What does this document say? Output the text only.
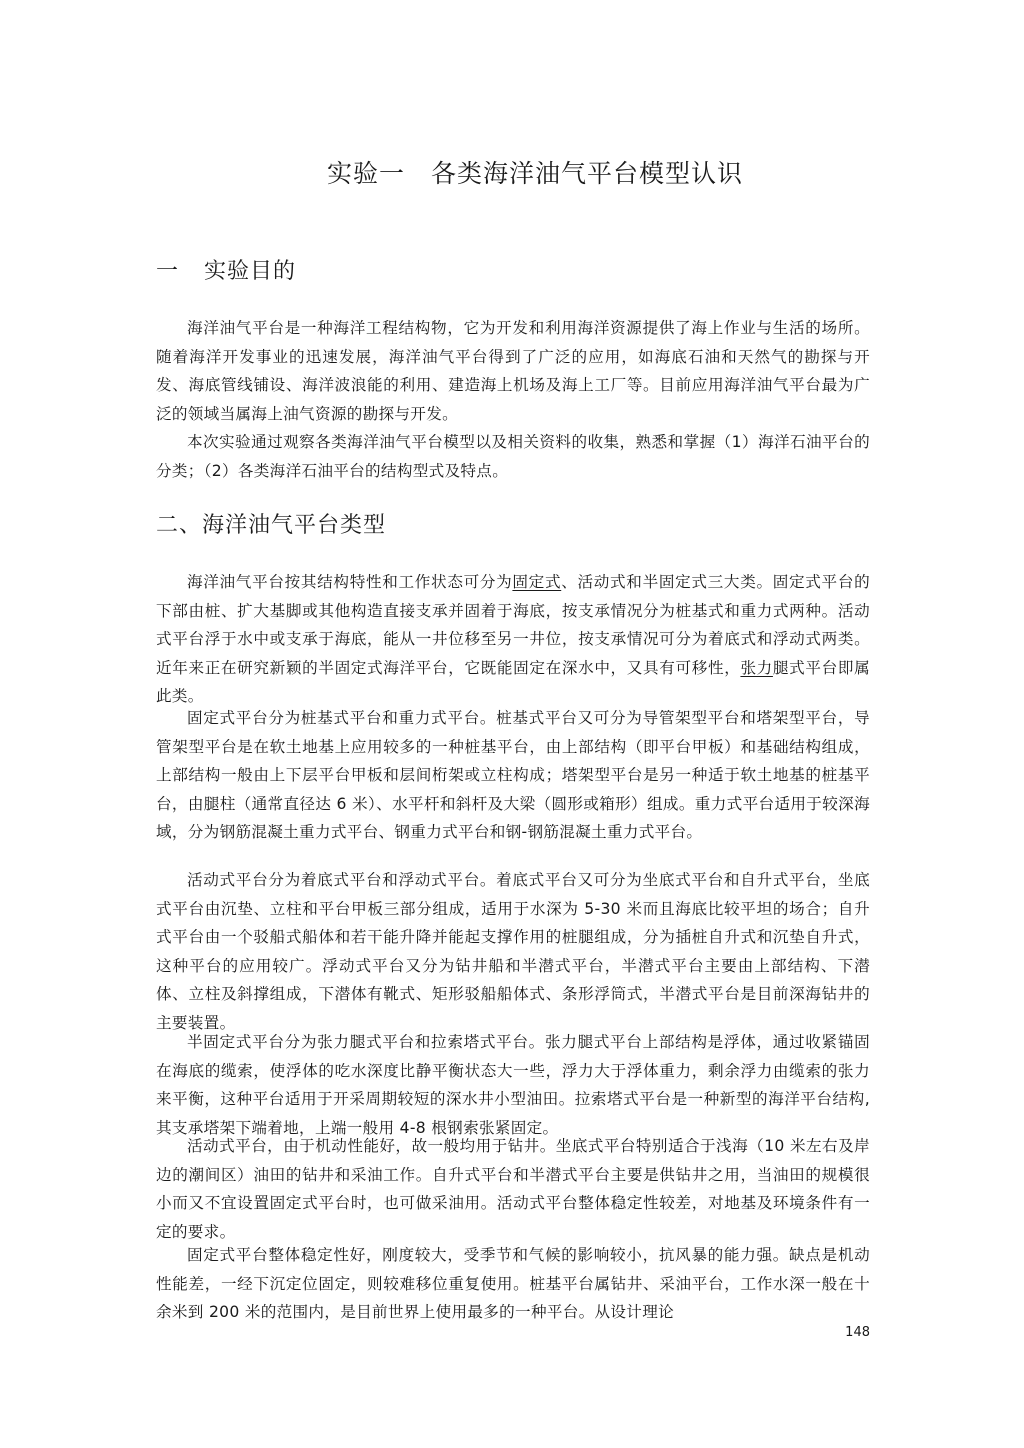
实验一 各类海洋油气平台模型认识
一 实验目的

海洋油气平台是一种海洋工程结构物，它为开发和利用海洋资源提供了海上作业与生活的场所。随着海洋开发事业的迅速发展，海洋油气平台得到了广泛的应用，如海底石油和天然气的勘探与开发、海底管线铺设、海洋波浪能的利用、建造海上机场及海上工厂等。目前应用海洋油气平台最为广泛的领域当属海上油气资源的勘探与开发。

本次实验通过观察各类海洋油气平台模型以及相关资料的收集，熟悉和掌握（1）海洋石油平台的分类；（2）各类海洋石油平台的结构型式及特点。

二、海洋油气平台类型

海洋油气平台按其结构特性和工作状态可分为固定式、活动式和半固定式三大类。固定式平台的下部由桩、扩大基脚或其他构造直接支承并固着于海底，按支承情况分为桩基式和重力式两种。活动式平台浮于水中或支承于海底，能从一井位移至另一井位，按支承情况可分为着底式和浮动式两类。近年来正在研究新颖的半固定式海洋平台，它既能固定在深水中，又具有可移性，张力腿式平台即属此类。

固定式平台分为桩基式平台和重力式平台。桩基式平台又可分为导管架型平台和塔架型平台，导管架型平台是在软土地基上应用较多的一种桩基平台，由上部结构（即平台甲板）和基础结构组成，上部结构一般由上下层平台甲板和层间桁架或立柱构成；塔架型平台是另一种适于软土地基的桩基平台，由腿柱（通常直径达 6 米）、水平杆和斜杆及大梁（圆形或箱形）组成。重力式平台适用于较深海域，分为钢筋混凝土重力式平台、钢重力式平台和钢-钢筋混凝土重力式平台。

活动式平台分为着底式平台和浮动式平台。着底式平台又可分为坐底式平台和自升式平台，坐底式平台由沉垫、立柱和平台甲板三部分组成，适用于水深为 5-30 米而且海底比较平坦的场合；自升式平台由一个驳船式船体和若干能升降并能起支撑作用的桩腿组成，分为插桩自升式和沉垫自升式，这种平台的应用较广。浮动式平台又分为钻井船和半潜式平台，半潜式平台主要由上部结构、下潜体、立柱及斜撑组成，下潜体有靴式、矩形驳船船体式、条形浮筒式，半潜式平台是目前深海钻井的主要装置。

半固定式平台分为张力腿式平台和拉索塔式平台。张力腿式平台上部结构是浮体，通过收紧锚固在海底的缆索，使浮体的吃水深度比静平衡状态大一些，浮力大于浮体重力，剩余浮力由缆索的张力来平衡，这种平台适用于开采周期较短的深水井小型油田。拉索塔式平台是一种新型的海洋平台结构,其支承塔架下端着地，上端一般用 4-8 根钢索张紧固定。

活动式平台，由于机动性能好，故一般均用于钻井。坐底式平台特别适合于浅海（10 米左右及岸边的潮间区）油田的钻井和采油工作。自升式平台和半潜式平台主要是供钻井之用，当油田的规模很小而又不宜设置固定式平台时，也可做采油用。活动式平台整体稳定性较差，对地基及环境条件有一定的要求。

固定式平台整体稳定性好，刚度较大，受季节和气候的影响较小，抗风暴的能力强。缺点是机动性能差，一经下沉定位固定，则较难移位重复使用。桩基平台属钻井、采油平台，工作水深一般在十余米到 200 米的范围内，是目前世界上使用最多的一种平台。从设计理论

148
